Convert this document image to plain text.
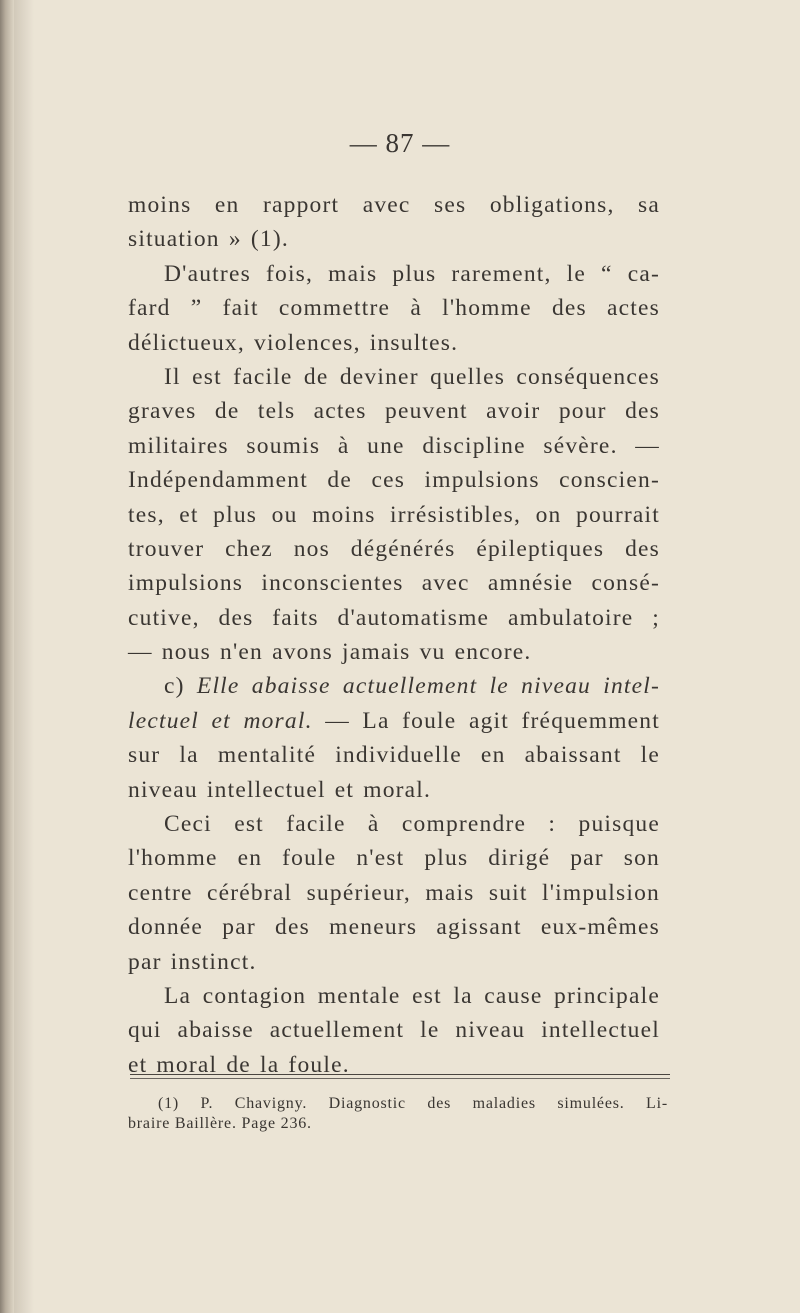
— 87 —
moins en rapport avec ses obligations, sa
situation » (1).
D'autres fois, mais plus rarement, le “ ca-
fard ” fait commettre à l'homme des actes
délictueux, violences, insultes.
Il est facile de deviner quelles conséquences
graves de tels actes peuvent avoir pour des
militaires soumis à une discipline sévère. —
Indépendamment de ces impulsions conscien-
tes, et plus ou moins irrésistibles, on pourrait
trouver chez nos dégénérés épileptiques des
impulsions inconscientes avec amnésie consé-
cutive, des faits d'automatisme ambulatoire ;
— nous n'en avons jamais vu encore.
c) Elle abaisse actuellement le niveau intel-
lectuel et moral. — La foule agit fréquemment
sur la mentalité individuelle en abaissant le
niveau intellectuel et moral.
Ceci est facile à comprendre : puisque
l'homme en foule n'est plus dirigé par son
centre cérébral supérieur, mais suit l'impulsion
donnée par des meneurs agissant eux-mêmes
par instinct.
La contagion mentale est la cause principale
qui abaisse actuellement le niveau intellectuel
et moral de la foule.
(1) P. Chavigny. Diagnostic des maladies simulées. Li-
braire Baillère. Page 236.
